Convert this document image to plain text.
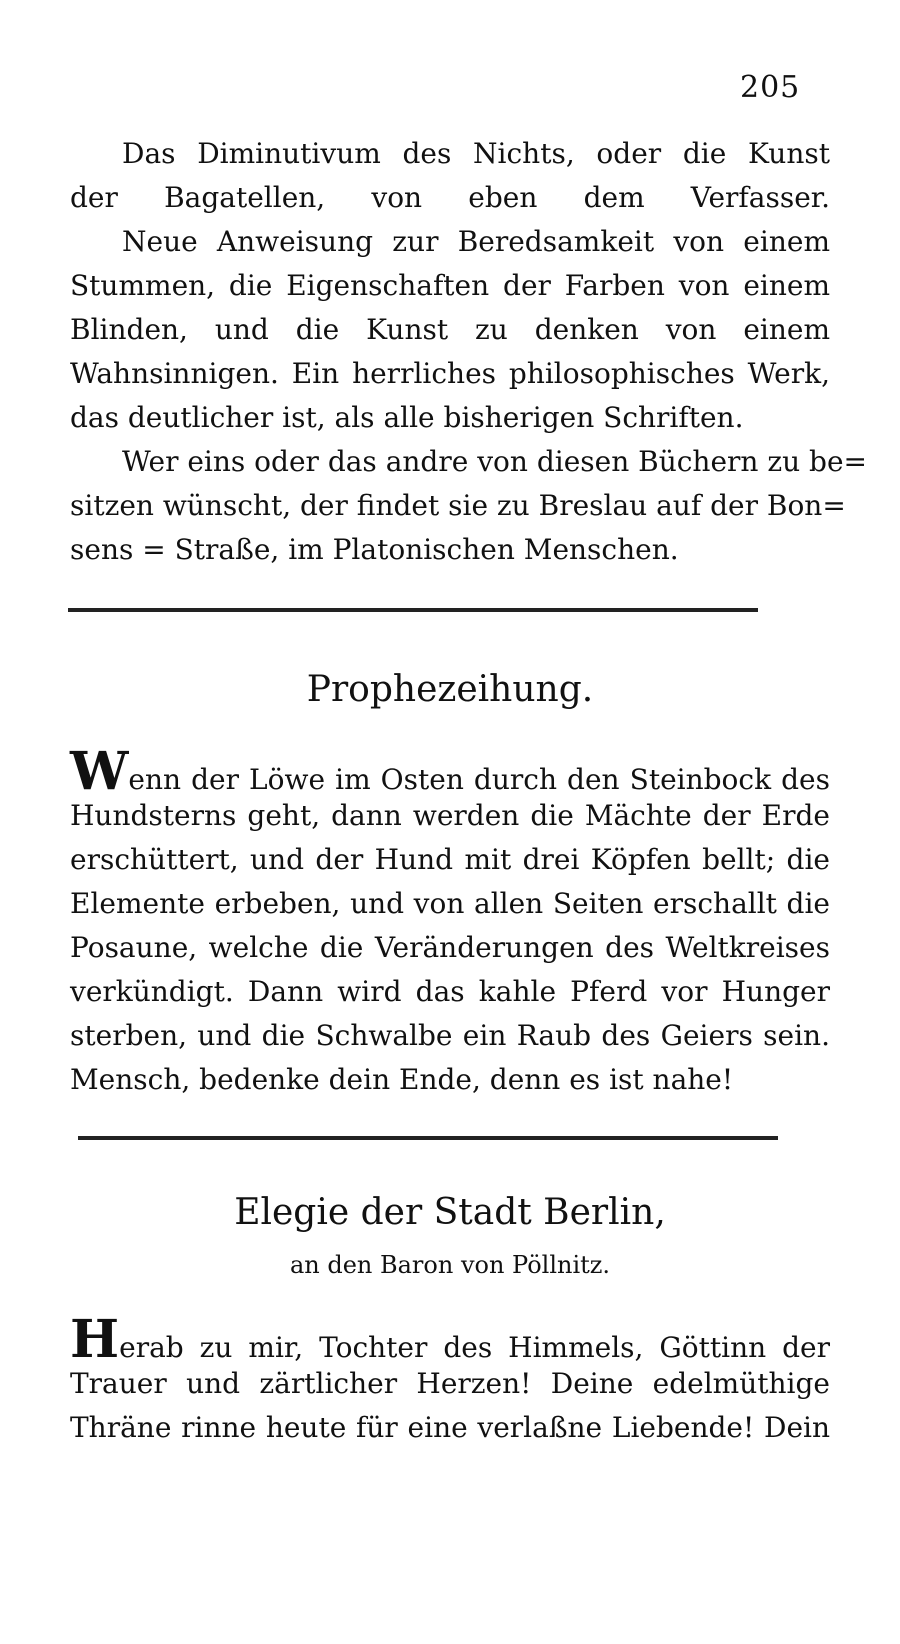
205
Das Diminutivum des Nichts, oder die Kunst
der Bagatellen, von eben dem Verfasser.
Neue Anweisung zur Beredsamkeit von einem
Stummen, die Eigenschaften der Farben von einem
Blinden, und die Kunst zu denken von einem
Wahnsinnigen. Ein herrliches philosophisches Werk,
das deutlicher ist, als alle bisherigen Schriften.
Wer eins oder das andre von diesen Büchern zu be=
sitzen wünscht, der findet sie zu Breslau auf der Bon=
sens = Straße, im Platonischen Menschen.
Prophezeihung.
Wenn der Löwe im Osten durch den Steinbock des
Hundsterns geht, dann werden die Mächte der Erde
erschüttert, und der Hund mit drei Köpfen bellt; die
Elemente erbeben, und von allen Seiten erschallt die
Posaune, welche die Veränderungen des Weltkreises
verkündigt. Dann wird das kahle Pferd vor Hunger
sterben, und die Schwalbe ein Raub des Geiers sein.
Mensch, bedenke dein Ende, denn es ist nahe!
Elegie der Stadt Berlin,
an den Baron von Pöllnitz.
Herab zu mir, Tochter des Himmels, Göttinn der
Trauer und zärtlicher Herzen! Deine edelmüthige
Thräne rinne heute für eine verlaßne Liebende! Dein
